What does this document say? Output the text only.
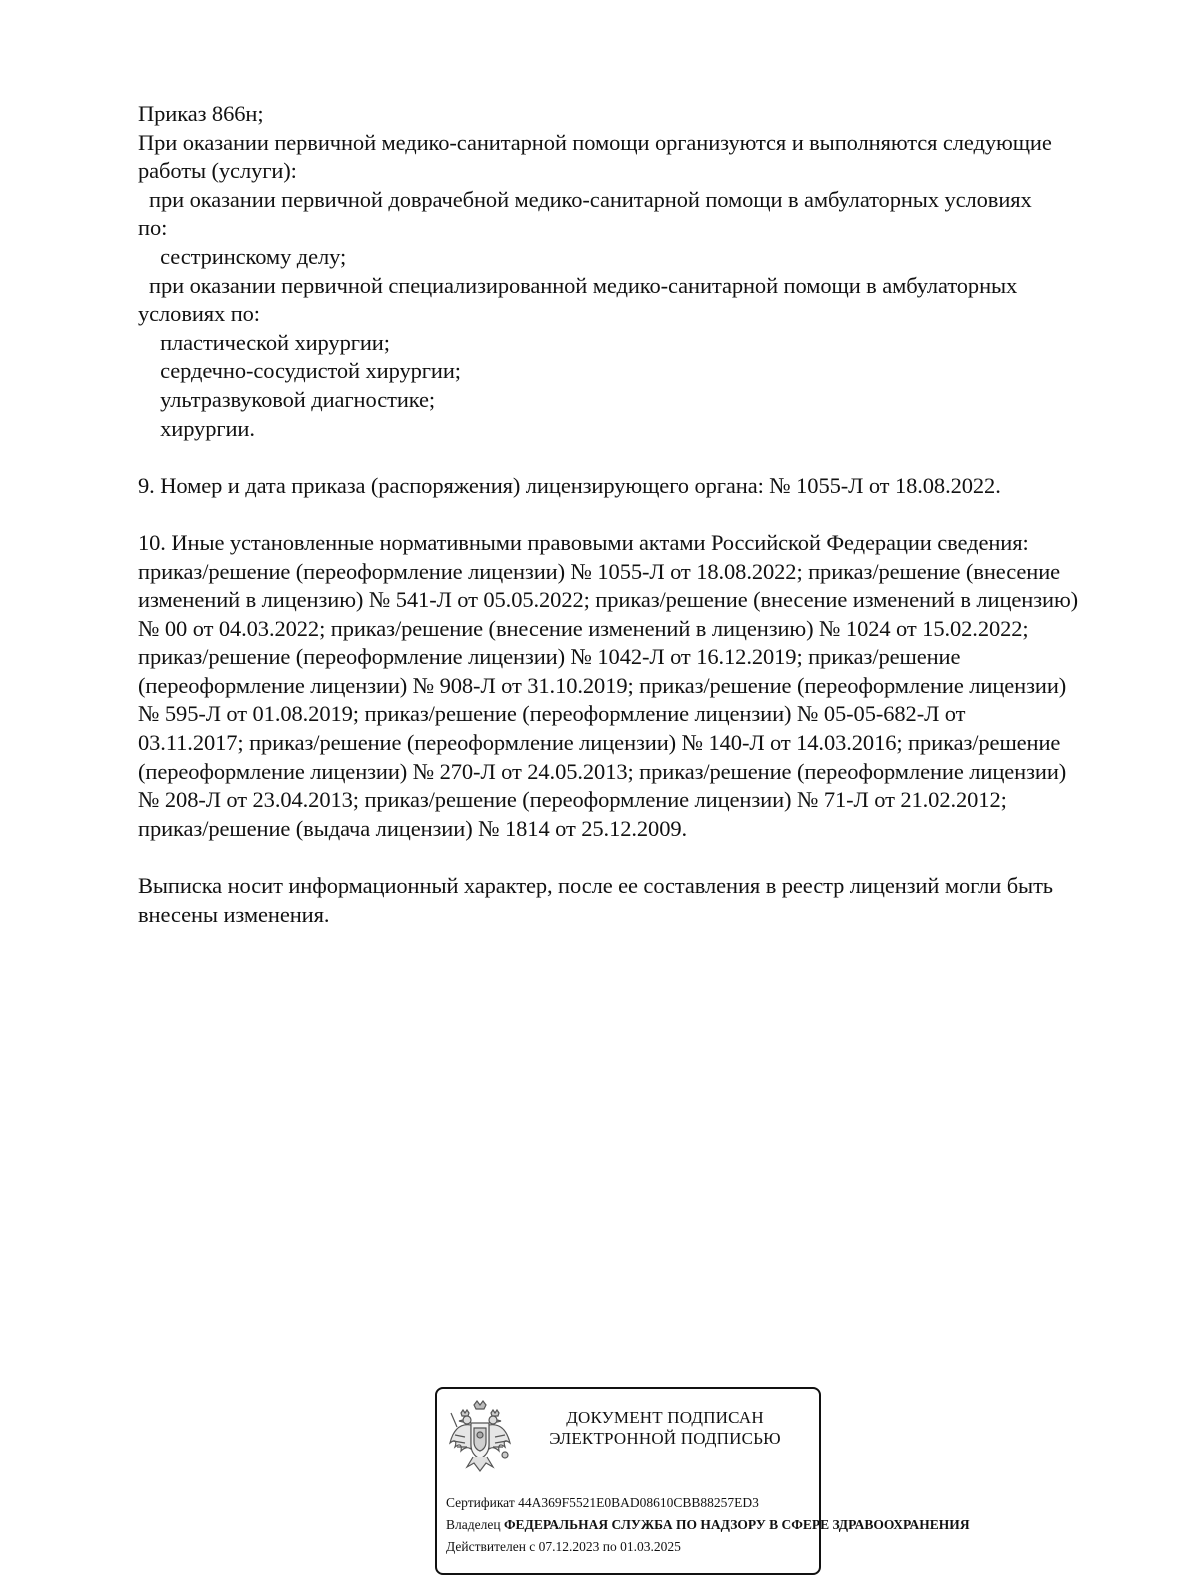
Приказ 866н;
При оказании первичной медико-санитарной помощи организуются и выполняются следующие
работы (услуги):
при оказании первичной доврачебной медико-санитарной помощи в амбулаторных условиях
по:
сестринскому делу;
при оказании первичной специализированной медико-санитарной помощи в амбулаторных
условиях по:
пластической хирургии;
сердечно-сосудистой хирургии;
ультразвуковой диагностике;
хирургии.
9. Номер и дата приказа (распоряжения) лицензирующего органа: № 1055-Л от 18.08.2022.
10. Иные установленные нормативными правовыми актами Российской Федерации сведения:
приказ/решение (переоформление лицензии) № 1055-Л от 18.08.2022; приказ/решение (внесение
изменений в лицензию) № 541-Л от 05.05.2022; приказ/решение (внесение изменений в лицензию)
№ 00 от 04.03.2022; приказ/решение (внесение изменений в лицензию) № 1024 от 15.02.2022;
приказ/решение (переоформление лицензии) № 1042-Л от 16.12.2019; приказ/решение
(переоформление лицензии) № 908-Л от 31.10.2019; приказ/решение (переоформление лицензии)
№ 595-Л от 01.08.2019; приказ/решение (переоформление лицензии) № 05-05-682-Л от
03.11.2017; приказ/решение (переоформление лицензии) № 140-Л от 14.03.2016; приказ/решение
(переоформление лицензии) № 270-Л от 24.05.2013; приказ/решение (переоформление лицензии)
№ 208-Л от 23.04.2013; приказ/решение (переоформление лицензии) № 71-Л от 21.02.2012;
приказ/решение (выдача лицензии) № 1814 от 25.12.2009.
Выписка носит информационный характер, после ее составления в реестр лицензий могли быть
внесены изменения.
ДОКУМЕНТ ПОДПИСАН
ЭЛЕКТРОННОЙ ПОДПИСЬЮ
Сертификат 44A369F5521E0BAD08610CBB88257ED3
Владелец ФЕДЕРАЛЬНАЯ СЛУЖБА ПО НАДЗОРУ В СФЕРЕ ЗДРАВООХРАНЕНИЯ
Действителен с 07.12.2023 по 01.03.2025
